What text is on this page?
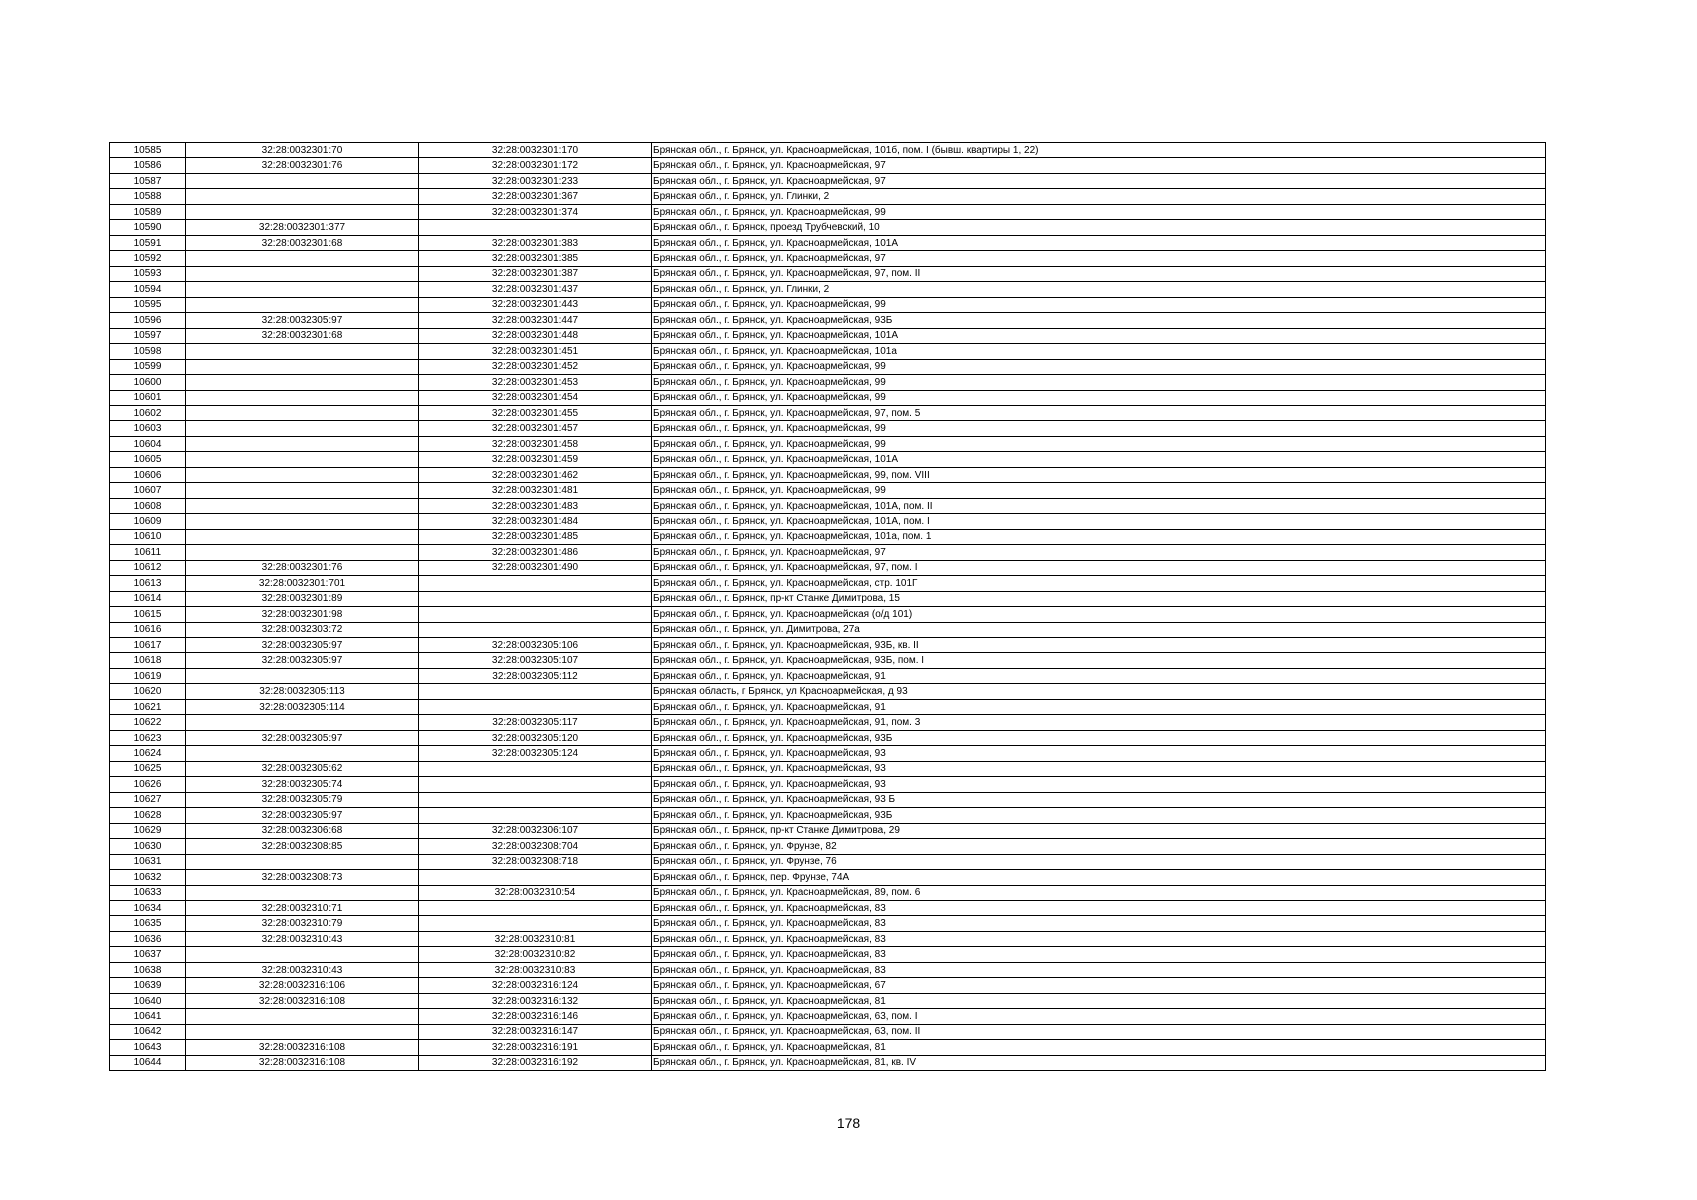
10585	32:28:0032301:70	32:28:0032301:170	Брянская обл., г. Брянск, ул. Красноармейская, 101б, пом. I (бывш. квартиры 1, 22)
10586	32:28:0032301:76	32:28:0032301:172	Брянская обл., г. Брянск, ул. Красноармейская, 97
10587		32:28:0032301:233	Брянская обл., г. Брянск, ул. Красноармейская, 97
10588		32:28:0032301:367	Брянская обл., г. Брянск, ул. Глинки, 2
10589		32:28:0032301:374	Брянская обл., г. Брянск, ул. Красноармейская, 99
10590	32:28:0032301:377		Брянская обл., г. Брянск, проезд Трубчевский, 10
10591	32:28:0032301:68	32:28:0032301:383	Брянская обл., г. Брянск, ул. Красноармейская, 101А
10592		32:28:0032301:385	Брянская обл., г. Брянск, ул. Красноармейская, 97
10593		32:28:0032301:387	Брянская обл., г. Брянск, ул. Красноармейская, 97, пом. II
10594		32:28:0032301:437	Брянская обл., г. Брянск, ул. Глинки, 2
10595		32:28:0032301:443	Брянская обл., г. Брянск, ул. Красноармейская, 99
10596	32:28:0032305:97	32:28:0032301:447	Брянская обл., г. Брянск, ул. Красноармейская, 93Б
10597	32:28:0032301:68	32:28:0032301:448	Брянская обл., г. Брянск, ул. Красноармейская, 101А
10598		32:28:0032301:451	Брянская обл., г. Брянск, ул. Красноармейская, 101а
10599		32:28:0032301:452	Брянская обл., г. Брянск, ул. Красноармейская, 99
10600		32:28:0032301:453	Брянская обл., г. Брянск, ул. Красноармейская, 99
10601		32:28:0032301:454	Брянская обл., г. Брянск, ул. Красноармейская, 99
10602		32:28:0032301:455	Брянская обл., г. Брянск, ул. Красноармейская, 97, пом. 5
10603		32:28:0032301:457	Брянская обл., г. Брянск, ул. Красноармейская, 99
10604		32:28:0032301:458	Брянская обл., г. Брянск, ул. Красноармейская, 99
10605		32:28:0032301:459	Брянская обл., г. Брянск, ул. Красноармейская, 101А
10606		32:28:0032301:462	Брянская обл., г. Брянск, ул. Красноармейская, 99, пом. VIII
10607		32:28:0032301:481	Брянская обл., г. Брянск, ул. Красноармейская, 99
10608		32:28:0032301:483	Брянская обл., г. Брянск, ул. Красноармейская, 101А, пом. II
10609		32:28:0032301:484	Брянская обл., г. Брянск, ул. Красноармейская, 101А, пом. I
10610		32:28:0032301:485	Брянская обл., г. Брянск, ул. Красноармейская, 101а, пом. 1
10611		32:28:0032301:486	Брянская обл., г. Брянск, ул. Красноармейская, 97
10612	32:28:0032301:76	32:28:0032301:490	Брянская обл., г. Брянск, ул. Красноармейская, 97, пом. I
10613	32:28:0032301:701		Брянская обл., г. Брянск, ул. Красноармейская, стр. 101Г
10614	32:28:0032301:89		Брянская обл., г. Брянск, пр-кт Станке Димитрова, 15
10615	32:28:0032301:98		Брянская обл., г. Брянск, ул. Красноармейская (о/д 101)
10616	32:28:0032303:72		Брянская обл., г. Брянск, ул. Димитрова, 27а
10617	32:28:0032305:97	32:28:0032305:106	Брянская обл., г. Брянск, ул. Красноармейская, 93Б, кв. II
10618	32:28:0032305:97	32:28:0032305:107	Брянская обл., г. Брянск, ул. Красноармейская, 93Б, пом. I
10619		32:28:0032305:112	Брянская обл., г. Брянск, ул. Красноармейская, 91
10620	32:28:0032305:113		Брянская область, г Брянск, ул Красноармейская, д 93
10621	32:28:0032305:114		Брянская обл., г. Брянск, ул. Красноармейская, 91
10622		32:28:0032305:117	Брянская обл., г. Брянск, ул. Красноармейская, 91, пом. 3
10623	32:28:0032305:97	32:28:0032305:120	Брянская обл., г. Брянск, ул. Красноармейская, 93Б
10624		32:28:0032305:124	Брянская обл., г. Брянск, ул. Красноармейская, 93
10625	32:28:0032305:62		Брянская обл., г. Брянск, ул. Красноармейская, 93
10626	32:28:0032305:74		Брянская обл., г. Брянск, ул. Красноармейская, 93
10627	32:28:0032305:79		Брянская обл., г. Брянск, ул. Красноармейская, 93 Б
10628	32:28:0032305:97		Брянская обл., г. Брянск, ул. Красноармейская, 93Б
10629	32:28:0032306:68	32:28:0032306:107	Брянская обл., г. Брянск, пр-кт Станке Димитрова, 29
10630	32:28:0032308:85	32:28:0032308:704	Брянская обл., г. Брянск, ул. Фрунзе, 82
10631		32:28:0032308:718	Брянская обл., г. Брянск, ул. Фрунзе, 76
10632	32:28:0032308:73		Брянская обл., г. Брянск, пер. Фрунзе, 74А
10633		32:28:0032310:54	Брянская обл., г. Брянск, ул. Красноармейская, 89, пом. 6
10634	32:28:0032310:71		Брянская обл., г. Брянск, ул. Красноармейская, 83
10635	32:28:0032310:79		Брянская обл., г. Брянск, ул. Красноармейская, 83
10636	32:28:0032310:43	32:28:0032310:81	Брянская обл., г. Брянск, ул. Красноармейская, 83
10637		32:28:0032310:82	Брянская обл., г. Брянск, ул. Красноармейская, 83
10638	32:28:0032310:43	32:28:0032310:83	Брянская обл., г. Брянск, ул. Красноармейская, 83
10639	32:28:0032316:106	32:28:0032316:124	Брянская обл., г. Брянск, ул. Красноармейская, 67
10640	32:28:0032316:108	32:28:0032316:132	Брянская обл., г. Брянск, ул. Красноармейская, 81
10641		32:28:0032316:146	Брянская обл., г. Брянск, ул. Красноармейская, 63, пом. I
10642		32:28:0032316:147	Брянская обл., г. Брянск, ул. Красноармейская, 63, пом. II
10643	32:28:0032316:108	32:28:0032316:191	Брянская обл., г. Брянск, ул. Красноармейская, 81
10644	32:28:0032316:108	32:28:0032316:192	Брянская обл., г. Брянск, ул. Красноармейская, 81, кв. IV
178
